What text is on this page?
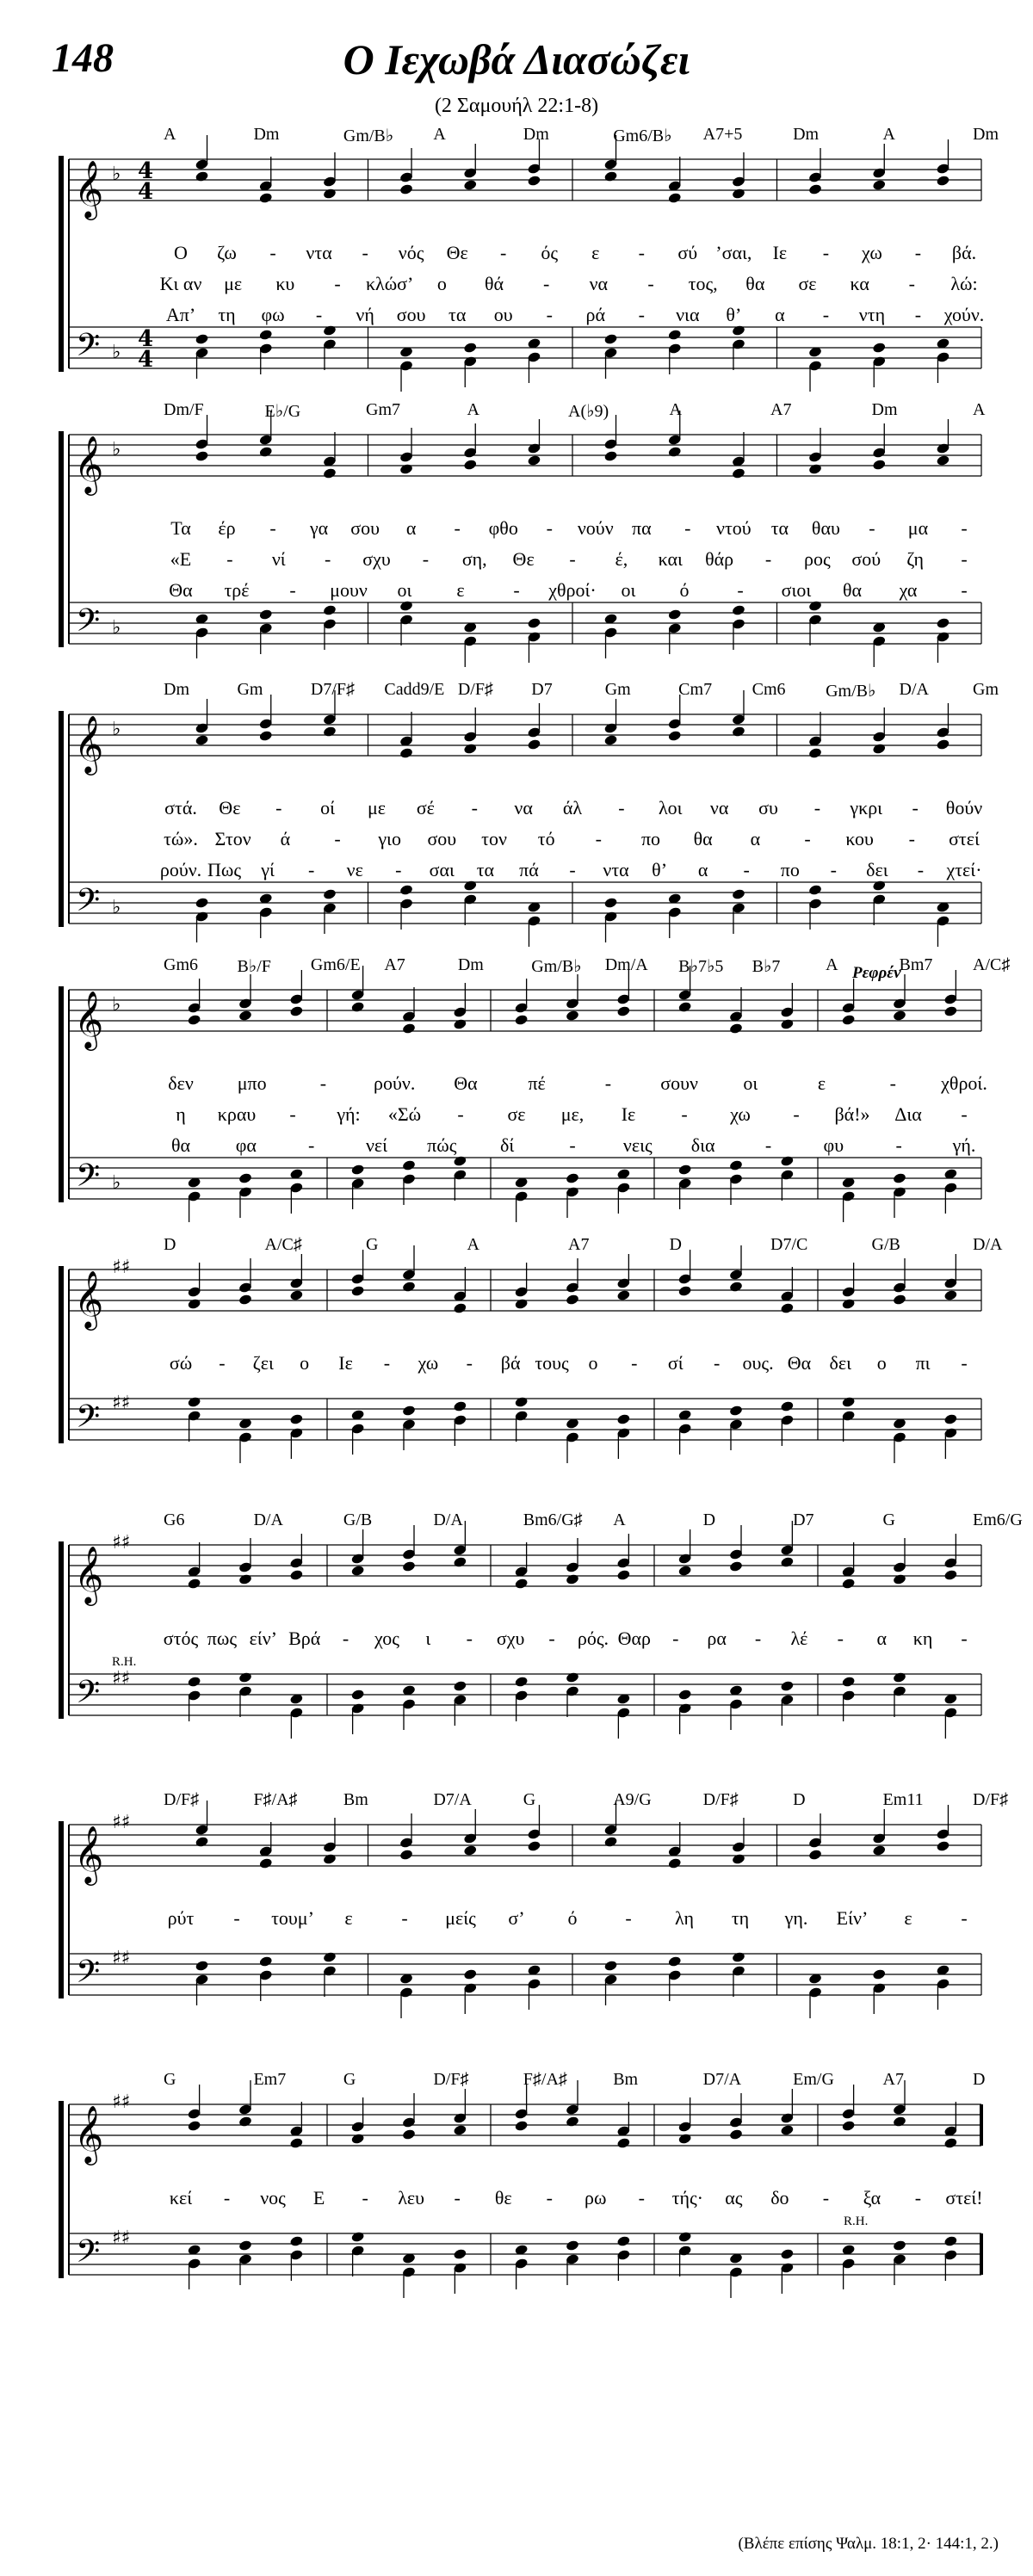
148	Ο Ιεχωβά Διασώζει
(2 Σαμουήλ 22:1-8)
A	Dm	Gm/B♭ A	Dm	Gm6/B♭ A7+5	Dm	A	Dm
𝄞
𝄢
♭
♭
4
4
4
4
Ο ζω - ντα - νός Θε - ός ε - σύ ’σαι, Ιε - χω - βά.
Κι αν με κυ - κλώσ’ ο θά - να - τος, θα σε κα - λώ:
Απ’ τη φω - νή σου τα ου - ρά - νια θ’ α - ντη - χούν.
Dm/F	E♭/G	Gm7	A	A(♭9)	A	A7	Dm	A
𝄞
𝄢
♭
♭
Τα έρ - γα σου α - φθο - νούν πα - ντού τα θαυ - μα -
«Ε - νί - σχυ - ση, Θε - έ, και θάρ - ρος σού ζη -
Θα τρέ - μουν οι ε	- χθροί· οι ό	- σιοι θα χα -
Dm	Gm	D7/F♯ Cadd9/E D/F♯ D7	Gm	Cm7 Cm6 Gm/B♭ D/A	Gm
𝄞
𝄢
♭
♭
στά. Θε - οί με σέ - να άλ - λοι να συ - γκρι - θούν
τώ». Στον ά - γιο σου τον τό - πο θα α - κου - στεί
ρούν. Πως γί - νε - σαι τα πά - ντα θ’ α - πο - δει - χτεί·
Gm6 B♭/F Gm6/E A7	Dm	Gm/B♭ Dm/A B♭7♭5 B♭7	A	Bm7 A/C♯
𝄞
𝄢
♭
♭
δεν μπο	- ρούν. Θα	πέ	-	σουν οι	ε	- χθροί.
η κραυ - γή: «Σώ - σε με, Ιε - χω - βά!» Δια -
θα φα	-	νεί πώς δί	-	νεις δια	-	φυ	-	γή.
Ρεφρέν
D	A/C♯	G	A	A7	D	D7/C	G/B	D/A
𝄞
𝄢
♯♯
♯♯
σώ - ζει ο Ιε - χω - βά τους ο - σί - ους. Θα δει ο πι -
G6	D/A	G/B	D/A	Bm6/G♯ A	D	D7	G	Em6/G
𝄞
𝄢
♯♯
♯♯
στός πως είν’ Βρά - χος ι - σχυ - ρός. Θαρ - ρα - λέ - α κη -
R.H.
D/F♯	F♯/A♯	Bm	D7/A	G	A9/G	D/F♯	D	Em11	D/F♯
𝄞
𝄢
♯♯
♯♯
ρύτ - τουμ’ ε	- μείς σ’ ό	- λη τη γη. Είν’ ε	-
G	Em7	G	D/F♯	F♯/A♯	Bm	D7/A	Em/G	A7	D
𝄞
𝄢
♯♯
♯♯
κεί - νος Ε - λευ - θε - ρω - τής· ας δο - ξα - στεί!
R.H.
(Βλέπε επίσης Ψαλμ. 18:1, 2· 144:1, 2.)
